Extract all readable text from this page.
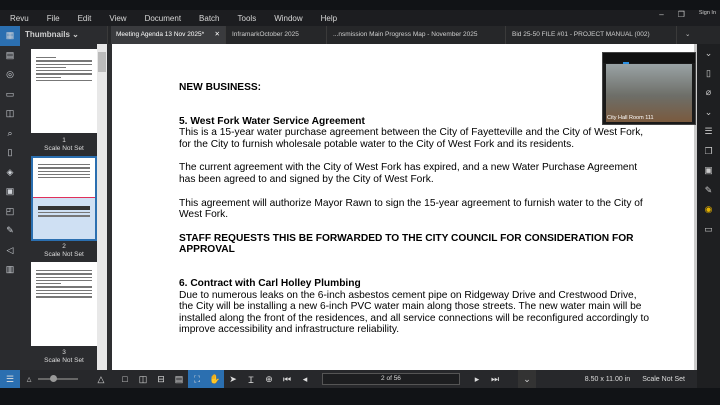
Revu File Edit View Document Batch Tools Window Help	– ❐	Sign In
Thumbnails ⌄	Meeting Agenda 13 Nov 2025* ✕	InframarkOctober 2025	...nsmission Main Progress Map - November 2025	Bid 25-50 FILE #01 - PROJECT MANUAL (002)	⌄
▦
▤
◎
▭
◫
⌕
▯
◈
▣
◰
✎
◁
▥
1
Scale Not Set
2
Scale Not Set
3
Scale Not Set

NEW BUSINESS:

5. West Fork Water Service Agreement

This is a 15-year water purchase agreement between the City of Fayetteville and the City of West Fork, for the City to furnish wholesale potable water to the City of West Fork and its residents.

The current agreement with the City of West Fork has expired, and a new Water Purchase Agreement has been agreed to and signed by the City of West Fork.

This agreement will authorize Mayor Rawn to sign the 15-year agreement to furnish water to the City of West Fork.

STAFF REQUESTS THIS BE FORWARDED TO THE CITY COUNCIL FOR CONSIDERATION FOR APPROVAL

6. Contract with Carl Holley Plumbing

Due to numerous leaks on the 6-inch asbestos cement pipe on Ridgeway Drive and Crestwood Drive, the City will be installing a new 6-inch PVC water main along those streets. The new water main will be installed along the front of the residences, and all service connections will be reconfigured accordingly to improve accessibility and infrastructure reliability.

City Hall Room 111
⌄
▯
⌀
⌄
☰
❐
▣
✎
◉
▭
☰	△	△	□	◫	⊟	▤	⛶	✋ ➤	Ɪ	⊕	⏮	◂	2 of 56	▸	⏭	⌄	8.50 x 11.00 in Scale Not Set
